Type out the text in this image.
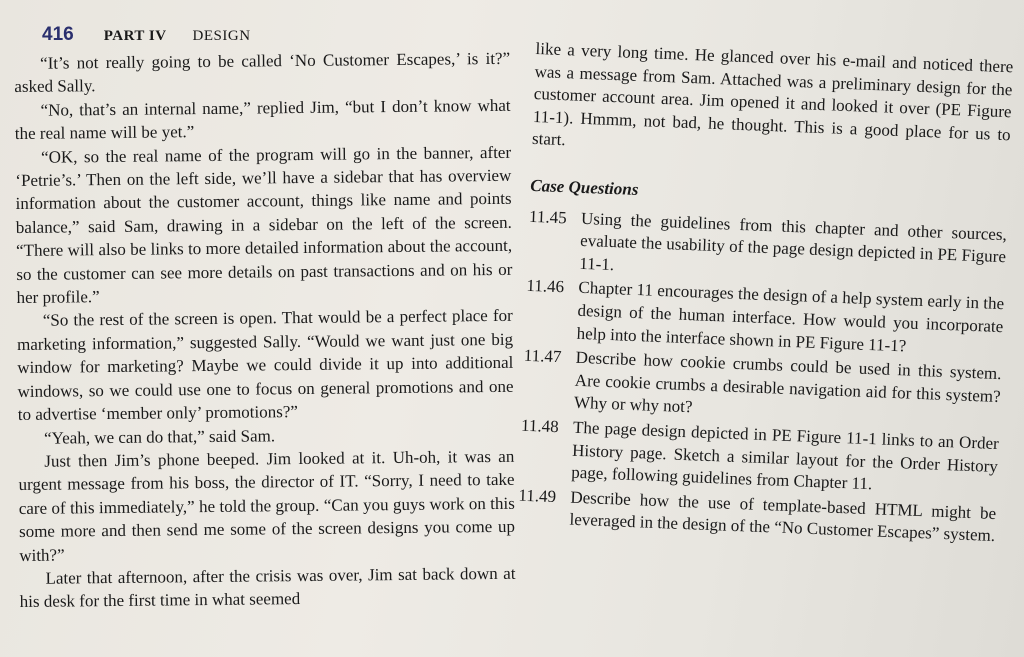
416 PART IV DESIGN

“It’s not really going to be called ‘No Customer Escapes,’ is it?” asked Sally.

“No, that’s an internal name,” replied Jim, “but I don’t know what the real name will be yet.”

“OK, so the real name of the program will go in the banner, after ‘Petrie’s.’ Then on the left side, we’ll have a sidebar that has overview information about the customer account, things like name and points balance,” said Sam, drawing in a sidebar on the left of the screen. “There will also be links to more detailed information about the account, so the customer can see more details on past transactions and on his or her profile.”

“So the rest of the screen is open. That would be a perfect place for marketing information,” suggested Sally. “Would we want just one big window for marketing? Maybe we could divide it up into additional windows, so we could use one to focus on general promotions and one to advertise ‘member only’ promotions?”

“Yeah, we can do that,” said Sam.

Just then Jim’s phone beeped. Jim looked at it. Uh-oh, it was an urgent message from his boss, the director of IT. “Sorry, I need to take care of this immediately,” he told the group. “Can you guys work on this some more and then send me some of the screen designs you come up with?”

Later that afternoon, after the crisis was over, Jim sat back down at his desk for the first time in what seemed

like a very long time. He glanced over his e-mail and noticed there was a message from Sam. Attached was a preliminary design for the customer account area. Jim opened it and looked it over (PE Figure 11-1). Hmmm, not bad, he thought. This is a good place for us to start.

Case Questions
11.45 Using the guidelines from this chapter and other sources, evaluate the usability of the page design depicted in PE Figure 11-1.
11.46 Chapter 11 encourages the design of a help system early in the design of the human interface. How would you incorporate help into the interface shown in PE Figure 11-1?
11.47 Describe how cookie crumbs could be used in this system. Are cookie crumbs a desirable navigation aid for this system? Why or why not?
11.48 The page design depicted in PE Figure 11-1 links to an Order History page. Sketch a similar layout for the Order History page, following guidelines from Chapter 11.
11.49 Describe how the use of template-based HTML might be leveraged in the design of the “No Customer Escapes” system.
